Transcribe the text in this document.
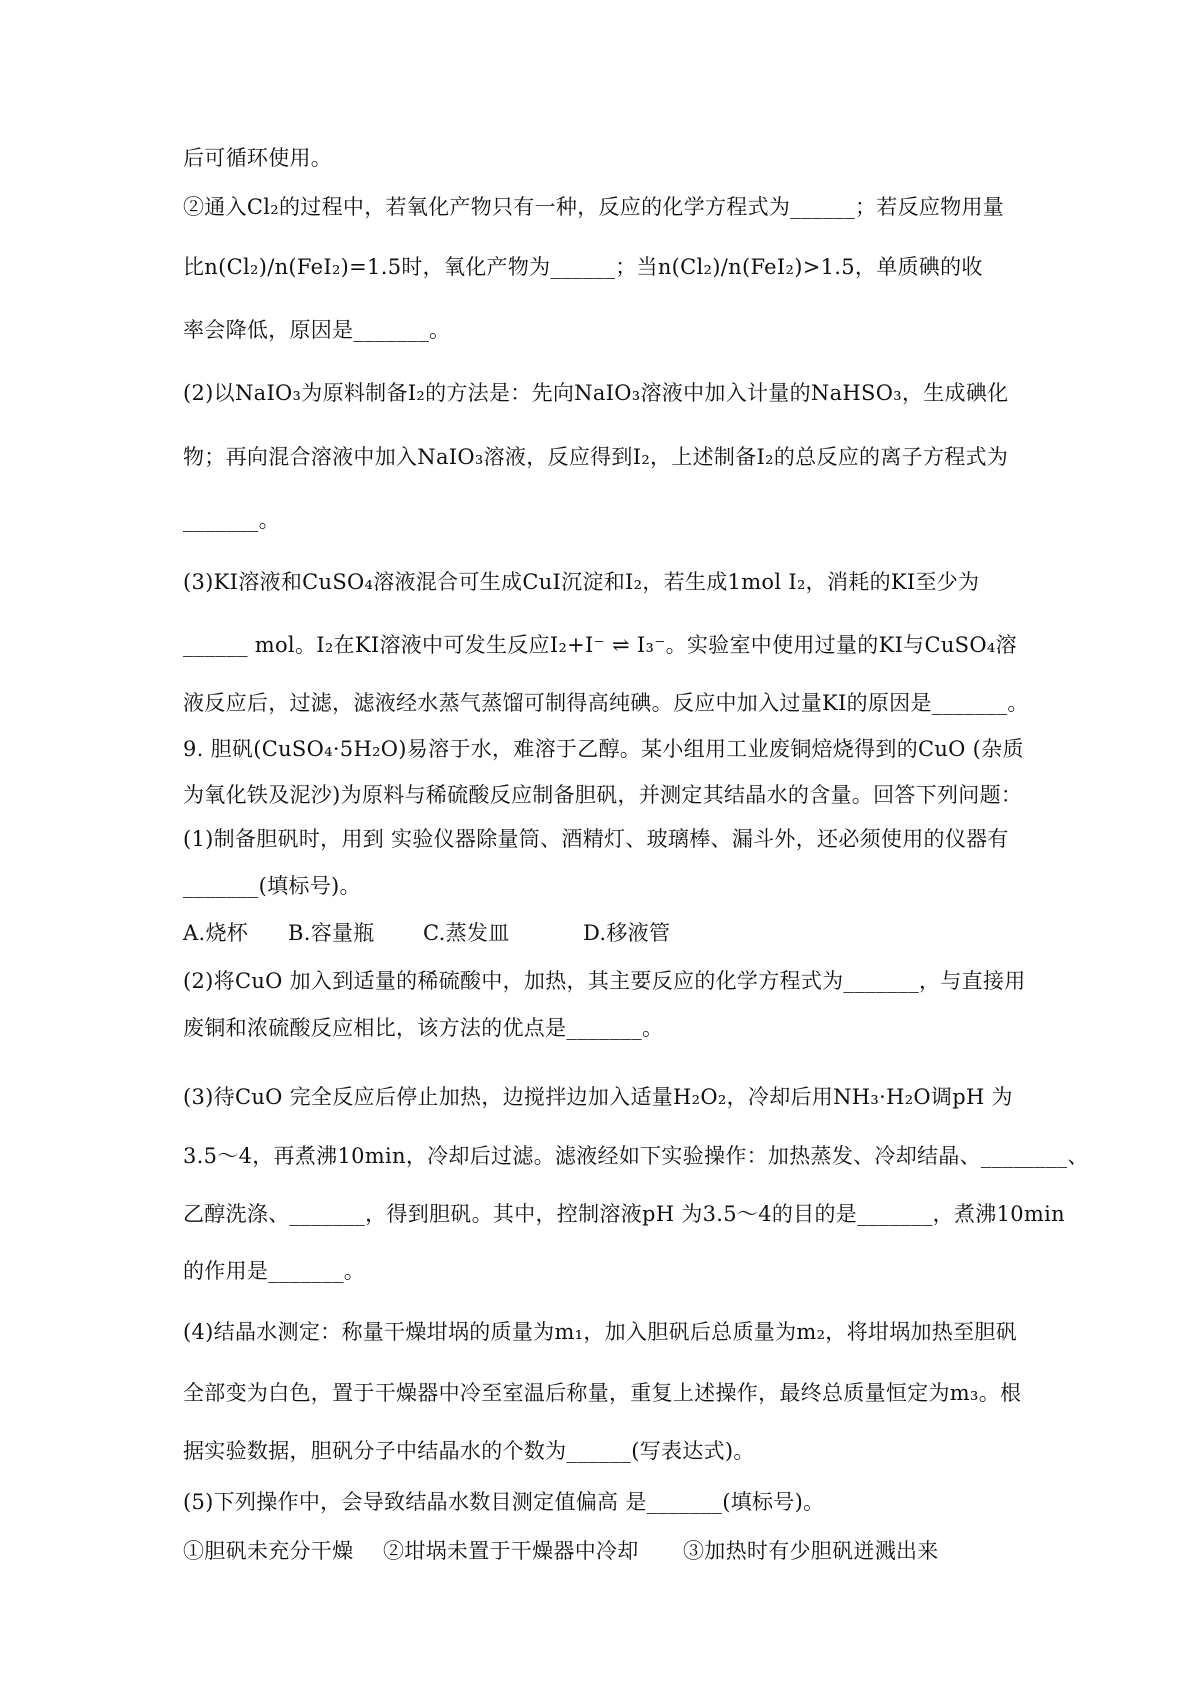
后可循环使用。
②通入Cl₂的过程中，若氧化产物只有一种，反应的化学方程式为______；若反应物用量
比n(Cl₂)/n(FeI₂)=1.5时，氧化产物为______；当n(Cl₂)/n(FeI₂)>1.5，单质碘的收
率会降低，原因是_______。
(2)以NaIO₃为原料制备I₂的方法是：先向NaIO₃溶液中加入计量的NaHSO₃，生成碘化
物；再向混合溶液中加入NaIO₃溶液，反应得到I₂，上述制备I₂的总反应的离子方程式为
_______。
(3)KI溶液和CuSO₄溶液混合可生成CuI沉淀和I₂，若生成1mol I₂，消耗的KI至少为
______ mol。I₂在KI溶液中可发生反应I₂+I⁻ ⇌ I₃⁻。实验室中使用过量的KI与CuSO₄溶
液反应后，过滤，滤液经水蒸气蒸馏可制得高纯碘。反应中加入过量KI的原因是_______。
9. 胆矾(CuSO₄·5H₂O)易溶于水，难溶于乙醇。某小组用工业废铜焙烧得到的CuO (杂质
为氧化铁及泥沙)为原料与稀硫酸反应制备胆矾，并测定其结晶水的含量。回答下列问题：
(1)制备胆矾时，用到 实验仪器除量筒、酒精灯、玻璃棒、漏斗外，还必须使用的仪器有
_______(填标号)。
A.烧杯 B.容量瓶 C.蒸发皿	D.移液管
(2)将CuO 加入到适量的稀硫酸中，加热，其主要反应的化学方程式为_______，与直接用
废铜和浓硫酸反应相比，该方法的优点是_______。
(3)待CuO 完全反应后停止加热，边搅拌边加入适量H₂O₂，冷却后用NH₃·H₂O调pH 为
3.5～4，再煮沸10min，冷却后过滤。滤液经如下实验操作：加热蒸发、冷却结晶、________、
乙醇洗涤、_______，得到胆矾。其中，控制溶液pH 为3.5～4的目的是_______，煮沸10min
的作用是_______。
(4)结晶水测定：称量干燥坩埚的质量为m₁，加入胆矾后总质量为m₂，将坩埚加热至胆矾
全部变为白色，置于干燥器中冷至室温后称量，重复上述操作，最终总质量恒定为m₃。根
据实验数据，胆矾分子中结晶水的个数为______(写表达式)。
(5)下列操作中，会导致结晶水数目测定值偏高 是_______(填标号)。
①胆矾未充分干燥 ②坩埚未置于干燥器中冷却 ③加热时有少胆矾迸溅出来
